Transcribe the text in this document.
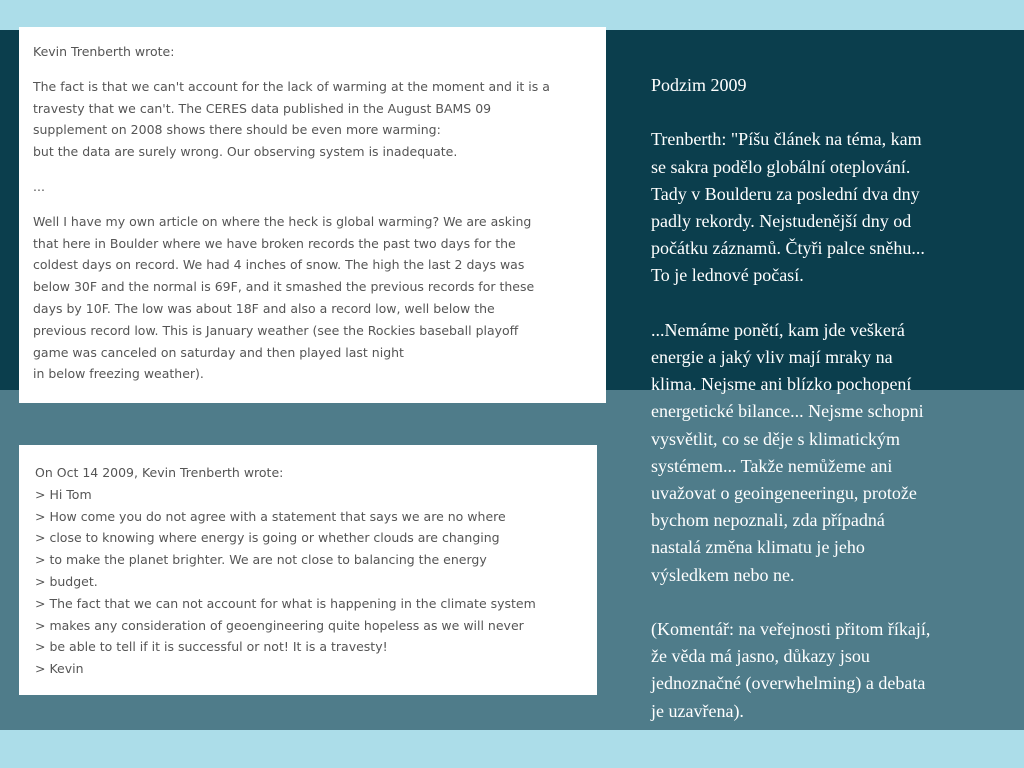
Kevin Trenberth wrote:
The fact is that we can't account for the lack of warming at the moment and it is a
travesty that we can't. The CERES data published in the August BAMS 09
supplement on 2008 shows there should be even more warming:
but the data are surely wrong. Our observing system is inadequate.
...
Well I have my own article on where the heck is global warming? We are asking
that here in Boulder where we have broken records the past two days for the
coldest days on record. We had 4 inches of snow. The high the last 2 days was
below 30F and the normal is 69F, and it smashed the previous records for these
days by 10F. The low was about 18F and also a record low, well below the
previous record low. This is January weather (see the Rockies baseball playoff
game was canceled on saturday and then played last night
in below freezing weather).
On Oct 14 2009, Kevin Trenberth wrote:
> Hi Tom
> How come you do not agree with a statement that says we are no where
> close to knowing where energy is going or whether clouds are changing
> to make the planet brighter. We are not close to balancing the energy
> budget.
> The fact that we can not account for what is happening in the climate system
> makes any consideration of geoengineering quite hopeless as we will never
> be able to tell if it is successful or not! It is a travesty!
> Kevin

Podzim 2009

Trenberth: "Píšu článek na téma, kam

se sakra podělo globální oteplování.

Tady v Boulderu za poslední dva dny

padly rekordy. Nejstudenější dny od

počátku záznamů. Čtyři palce sněhu...

To je lednové počasí.

...Nemáme ponětí, kam jde veškerá

energie a jaký vliv mají mraky na

klima. Nejsme ani blízko pochopení

energetické bilance... Nejsme schopni

vysvětlit, co se děje s klimatickým

systémem... Takže nemůžeme ani

uvažovat o geoingeneeringu, protože

bychom nepoznali, zda případná

nastalá změna klimatu je jeho

výsledkem nebo ne.

(Komentář: na veřejnosti přitom říkají,

že věda má jasno, důkazy jsou

jednoznačné (overwhelming) a debata

je uzavřena).
